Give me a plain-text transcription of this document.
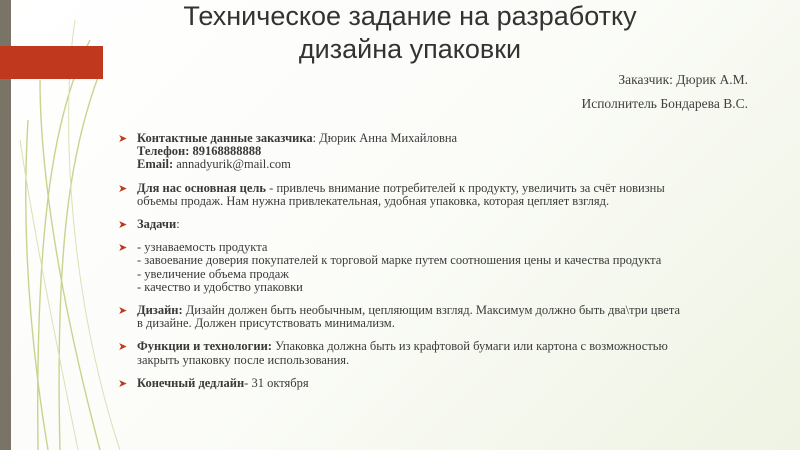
Техническое задание на разработку
дизайна упаковки
Заказчик: Дюрик А.М.
Исполнитель Бондарева В.С.
➤ Контактные данные заказчика: Дюрик Анна Михайловна
Телефон: 89168888888
Email: annadyurik@mail.com
➤ Для нас основная цель - привлечь внимание потребителей к продукту, увеличить за счёт новизны
объемы продаж. Нам нужна привлекательная, удобная упаковка, которая цепляет взгляд.
➤ Задачи:
➤ - узнаваемость продукта
- завоевание доверия покупателей к торговой марке путем соотношения цены и качества продукта
- увеличение объема продаж
- качество и удобство упаковки
➤ Дизайн: Дизайн должен быть необычным, цепляющим взгляд. Максимум должно быть два\три цвета
в дизайне. Должен присутствовать минимализм.
➤ Функции и технологии: Упаковка должна быть из крафтовой бумаги или картона с возможностью
закрыть упаковку после использования.
➤ Конечный дедлайн- 31 октября
